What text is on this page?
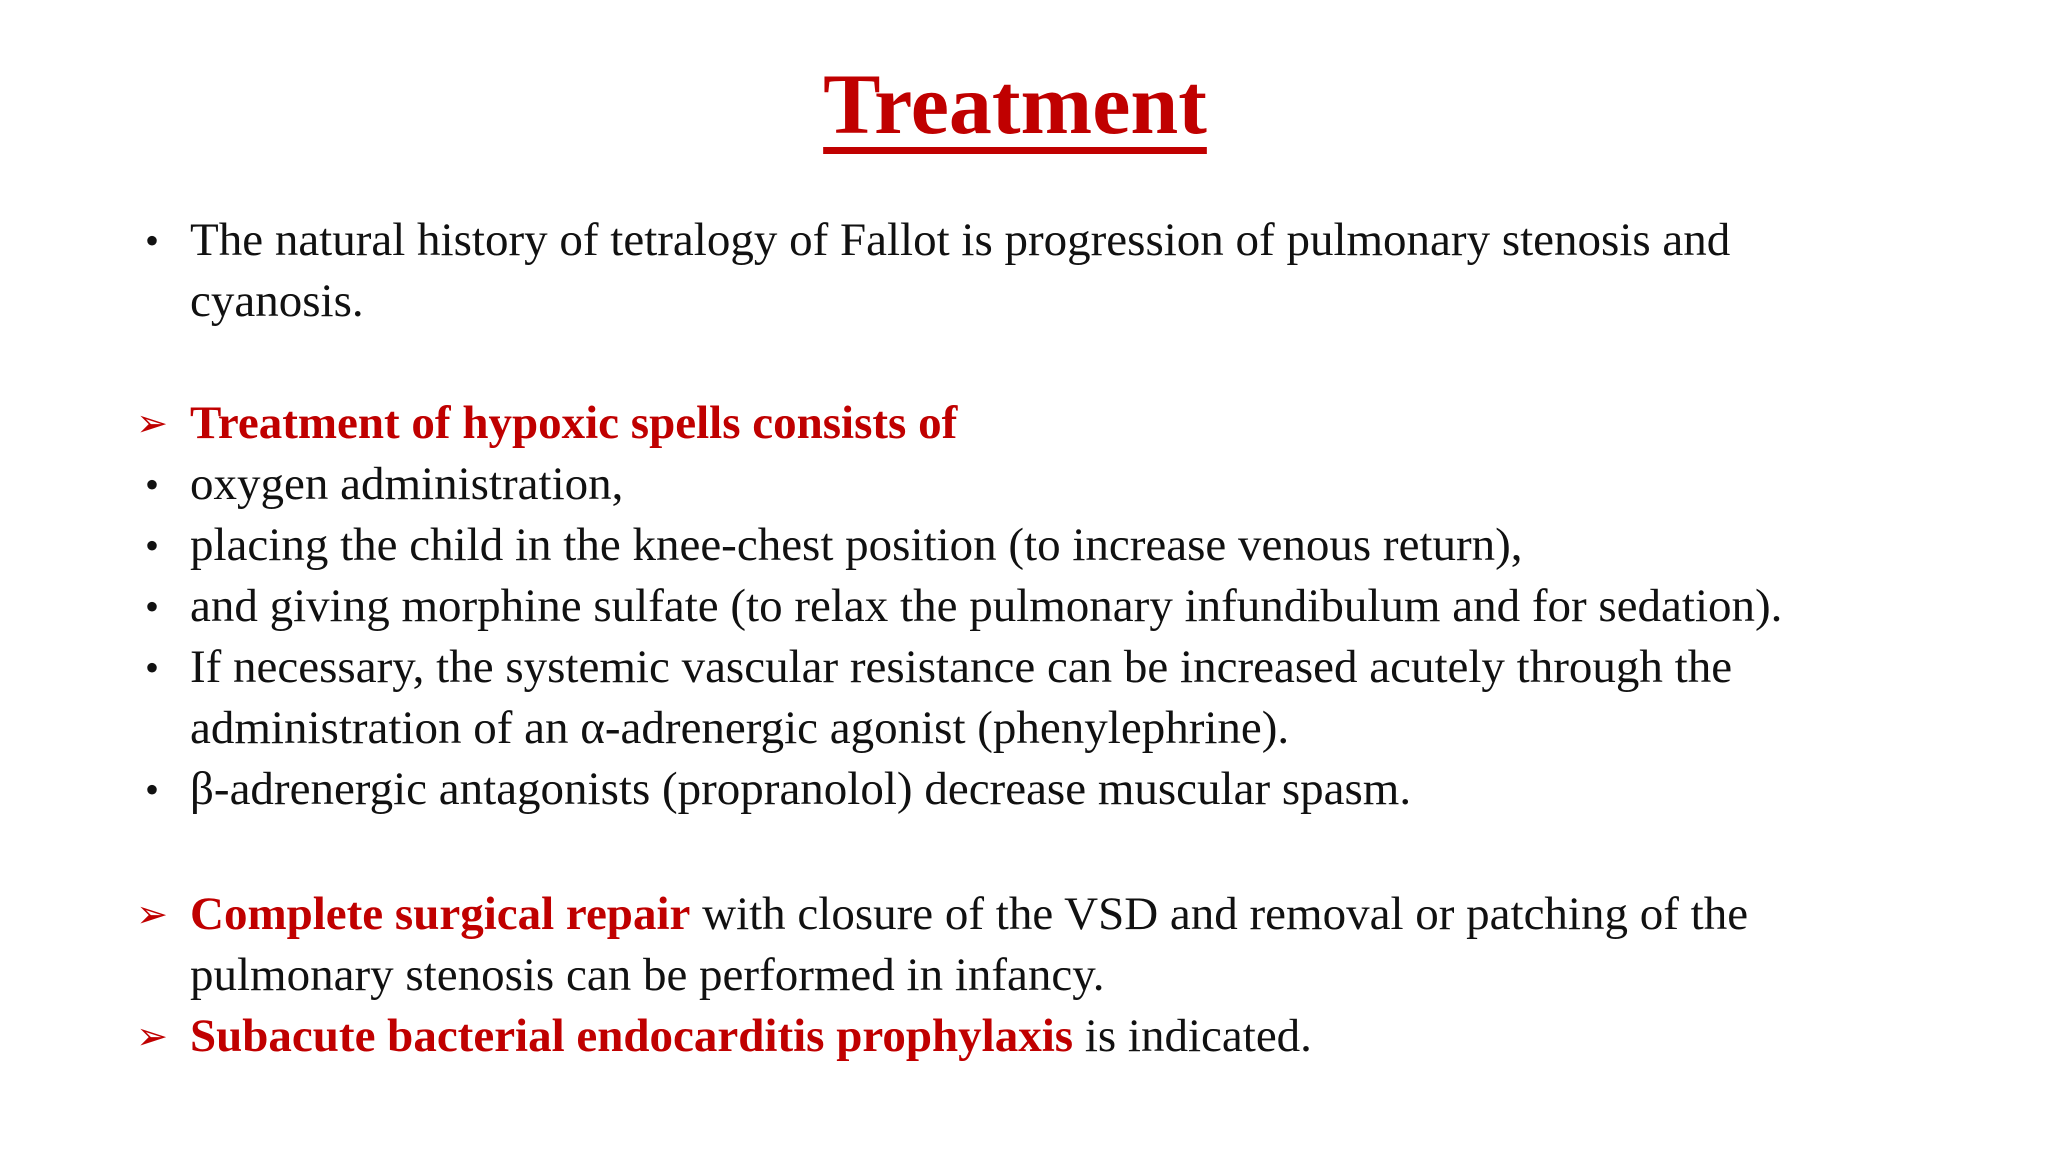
Treatment
• The natural history of tetralogy of Fallot is progression of pulmonary stenosis and
cyanosis.
➢ Treatment of hypoxic spells consists of
• oxygen administration,
• placing the child in the knee-chest position (to increase venous return),
• and giving morphine sulfate (to relax the pulmonary infundibulum and for sedation).
• If necessary, the systemic vascular resistance can be increased acutely through the
administration of an α-adrenergic agonist (phenylephrine).
• β-adrenergic antagonists (propranolol) decrease muscular spasm.
➢ Complete surgical repair with closure of the VSD and removal or patching of the
pulmonary stenosis can be performed in infancy.
➢ Subacute bacterial endocarditis prophylaxis is indicated.
